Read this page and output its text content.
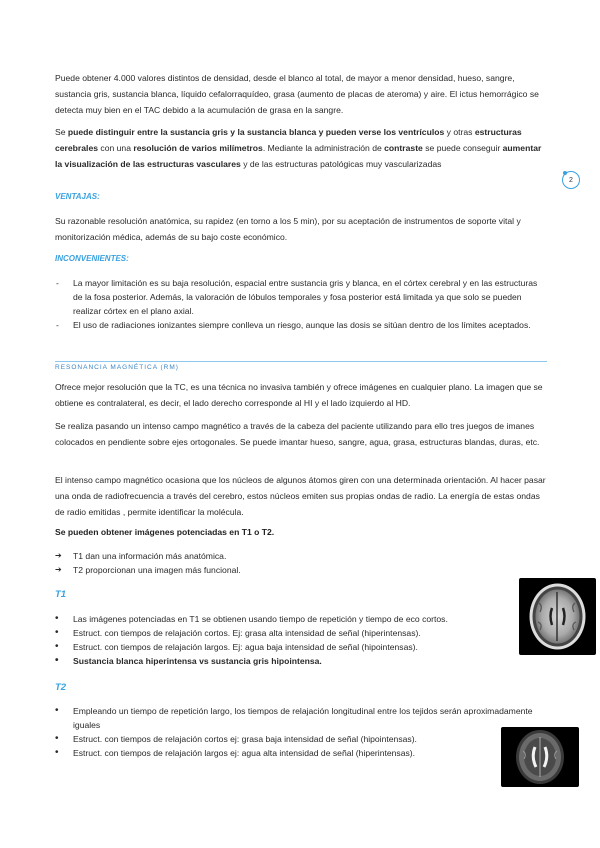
Puede obtener 4.000 valores distintos de densidad, desde el blanco al total, de mayor a menor densidad, hueso, sangre, sustancia gris, sustancia blanca, líquido cefalorraquídeo, grasa (aumento de placas de ateroma) y aire. El ictus hemorrágico se detecta muy bien en el TAC debido a la acumulación de grasa en la sangre.

Se puede distinguir entre la sustancia gris y la sustancia blanca y pueden verse los ventrículos y otras estructuras cerebrales con una resolución de varios milímetros. Mediante la administración de contraste se puede conseguir aumentar la visualización de las estructuras vasculares y de las estructuras patológicas muy vascularizadas

2
VENTAJAS:

Su razonable resolución anatómica, su rapidez (en torno a los 5 min), por su aceptación de instrumentos de soporte vital y monitorización médica, además de su bajo coste económico.

INCONVENIENTES:
- La mayor limitación es su baja resolución, espacial entre sustancia gris y blanca, en el córtex cerebral y en las estructuras de la fosa posterior. Además, la valoración de lóbulos temporales y fosa posterior está limitada ya que solo se pueden realizar córtex en el plano axial.
- El uso de radiaciones ionizantes siempre conlleva un riesgo, aunque las dosis se sitúan dentro de los límites aceptados.
RESONANCIA MAGNÉTICA (RM)

Ofrece mejor resolución que la TC, es una técnica no invasiva también y ofrece imágenes en cualquier plano. La imagen que se obtiene es contralateral, es decir, el lado derecho corresponde al HI y el lado izquierdo al HD.

Se realiza pasando un intenso campo magnético a través de la cabeza del paciente utilizando para ello tres juegos de imanes colocados en pendiente sobre ejes ortogonales. Se puede imantar hueso, sangre, agua, grasa, estructuras blandas, duras, etc.

El intenso campo magnético ocasiona que los núcleos de algunos átomos giren con una determinada orientación. Al hacer pasar una onda de radiofrecuencia a través del cerebro, estos núcleos emiten sus propias ondas de radio. La energía de estas ondas de radio emitidas , permite identificar la molécula.

Se pueden obtener imágenes potenciadas en T1 o T2.
➔ T1 dan una información más anatómica.
➔ T2 proporcionan una imagen más funcional.
T1
• Las imágenes potenciadas en T1 se obtienen usando tiempo de repetición y tiempo de eco cortos.
• Estruct. con tiempos de relajación cortos. Ej: grasa alta intensidad de señal (hiperintensas).
• Estruct. con tiempos de relajación largos. Ej: agua baja intensidad de señal (hipointensas).
• Sustancia blanca hiperintensa vs sustancia gris hipointensa.
T2
• Empleando un tiempo de repetición largo, los tiempos de relajación longitudinal entre los tejidos serán aproximadamente iguales
• Estruct. con tiempos de relajación cortos ej: grasa baja intensidad de señal (hipointensas).
• Estruct. con tiempos de relajación largos ej: agua alta intensidad de señal (hiperintensas).
